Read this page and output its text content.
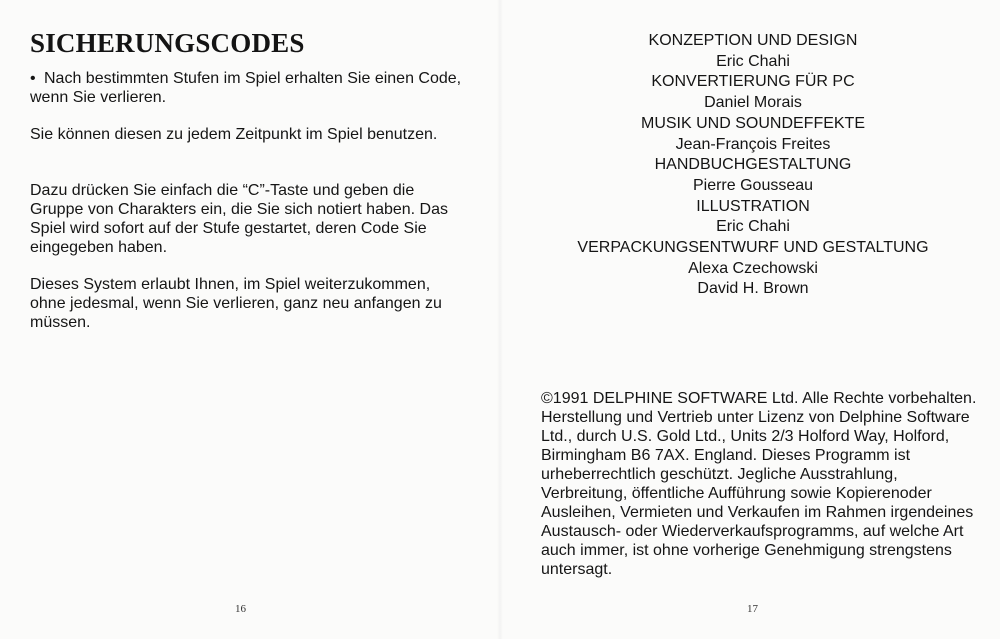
SICHERUNGSCODES

• Nach bestimmten Stufen im Spiel erhalten Sie einen Code, wenn Sie verlieren.

Sie können diesen zu jedem Zeitpunkt im Spiel benutzen.

Dazu drücken Sie einfach die “C”-Taste und geben die Gruppe von Charakters ein, die Sie sich notiert haben. Das Spiel wird sofort auf der Stufe gestartet, deren Code Sie eingegeben haben.

Dieses System erlaubt Ihnen, im Spiel weiterzukommen, ohne jedesmal, wenn Sie verlieren, ganz neu anfangen zu müssen.

16
KONZEPTION UND DESIGN
Eric Chahi
KONVERTIERUNG FÜR PC
Daniel Morais
MUSIK UND SOUNDEFFEKTE
Jean-François Freites
HANDBUCHGESTALTUNG
Pierre Gousseau
ILLUSTRATION
Eric Chahi
VERPACKUNGSENTWURF UND GESTALTUNG
Alexa Czechowski
David H. Brown

©1991 DELPHINE SOFTWARE Ltd. Alle Rechte vorbehalten. Herstellung und Vertrieb unter Lizenz von Delphine Software Ltd., durch U.S. Gold Ltd., Units 2/3 Holford Way, Holford, Birmingham B6 7AX. England. Dieses Programm ist urheberrechtlich geschützt. Jegliche Ausstrahlung, Verbreitung, öffentliche Aufführung sowie Kopierenoder Ausleihen, Vermieten und Verkaufen im Rahmen irgendeines Austausch- oder Wiederverkaufsprogramms, auf welche Art auch immer, ist ohne vorherige Genehmigung strengstens untersagt.

17
